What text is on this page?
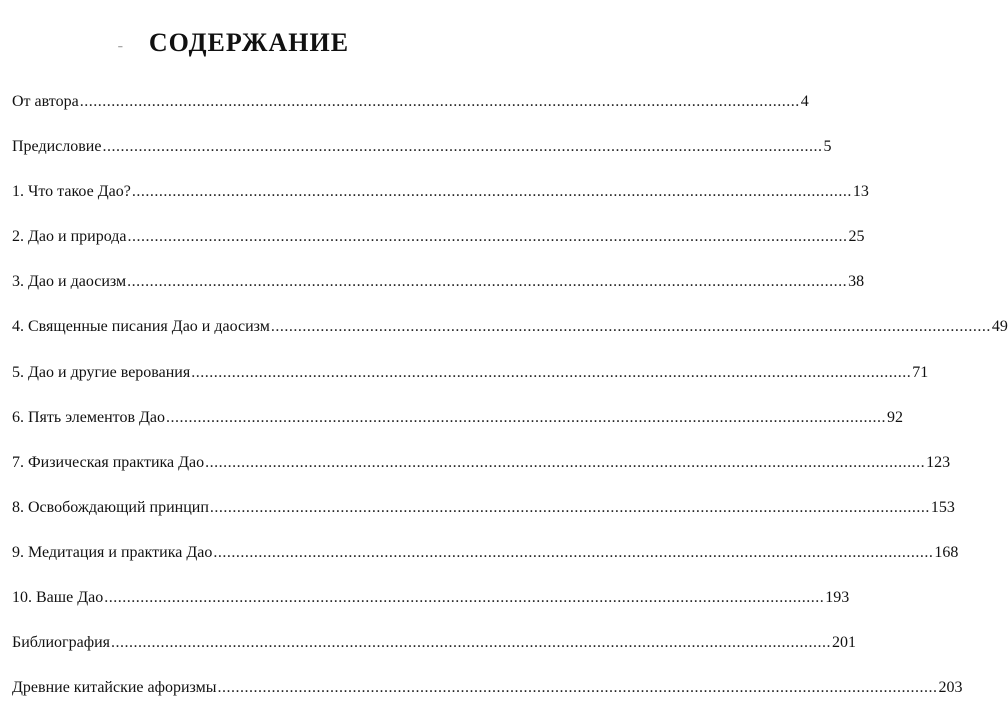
СОДЕРЖАНИЕ
ˉ
От автора ................................................................................................................................................................ 4
Предисловие ................................................................................................................................................................ 5
1. Что такое Дао? ................................................................................................................................................................ 13
2. Дао и природа ................................................................................................................................................................ 25
3. Дао и даосизм ................................................................................................................................................................ 38
4. Священные писания Дао и даосизм ................................................................................................................................................................ 49
5. Дао и другие верования ................................................................................................................................................................ 71
6. Пять элементов Дао ................................................................................................................................................................ 92
7. Физическая практика Дао ................................................................................................................................................................ 123
8. Освобождающий принцип ................................................................................................................................................................ 153
9. Медитация и практика Дао ................................................................................................................................................................ 168
10. Ваше Дао ................................................................................................................................................................ 193
Библиография ................................................................................................................................................................ 201
Древние китайские афоризмы ................................................................................................................................................................ 203
